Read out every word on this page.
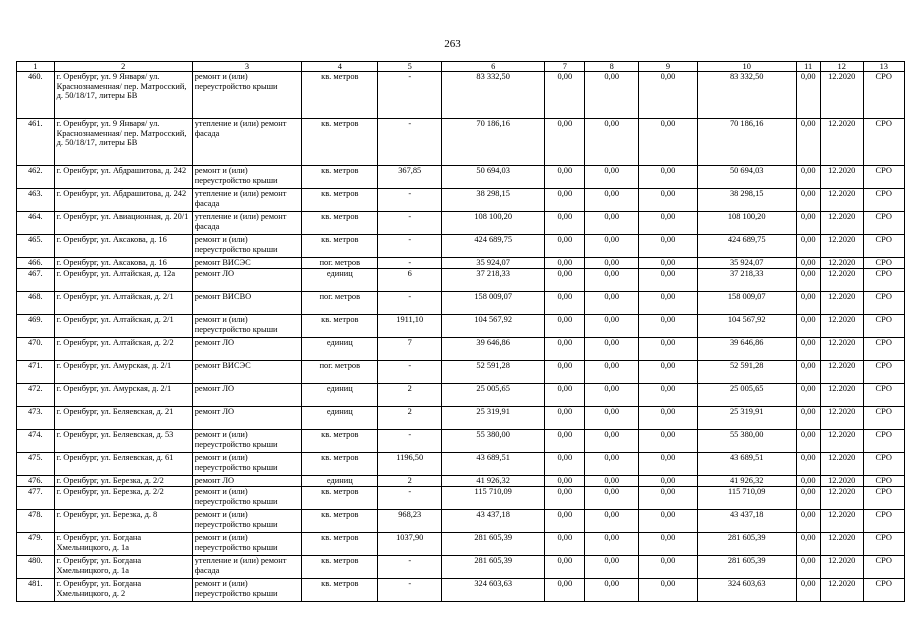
263
1	2	3	4	5	6	7	8	9	10	11	12	13
460.	г. Оренбург, ул. 9 Января/ ул. Краснознаменная/ пер. Матросский, д. 50/18/17, литеры БВ	ремонт и (или) переустройство крыши	кв. метров	-	83 332,50	0,00	0,00	0,00	83 332,50	0,00	12.2020	СРО
461.	г. Оренбург, ул. 9 Января/ ул. Краснознаменная/ пер. Матросский, д. 50/18/17, литеры БВ	утепление и (или) ремонт фасада	кв. метров	-	70 186,16	0,00	0,00	0,00	70 186,16	0,00	12.2020	СРО
462.	г. Оренбург, ул. Абдрашитова, д. 242	ремонт и (или) переустройство крыши	кв. метров	367,85	50 694,03	0,00	0,00	0,00	50 694,03	0,00	12.2020	СРО
463.	г. Оренбург, ул. Абдрашитова, д. 242	утепление и (или) ремонт фасада	кв. метров	-	38 298,15	0,00	0,00	0,00	38 298,15	0,00	12.2020	СРО
464.	г. Оренбург, ул. Авиационная, д. 20/1	утепление и (или) ремонт фасада	кв. метров	-	108 100,20	0,00	0,00	0,00	108 100,20	0,00	12.2020	СРО
465.	г. Оренбург, ул. Аксакова, д. 16	ремонт и (или) переустройство крыши	кв. метров	-	424 689,75	0,00	0,00	0,00	424 689,75	0,00	12.2020	СРО
466.	г. Оренбург, ул. Аксакова, д. 16	ремонт ВИСЭС	пог. метров	-	35 924,07	0,00	0,00	0,00	35 924,07	0,00	12.2020	СРО
467.	г. Оренбург, ул. Алтайская, д. 12а	ремонт ЛО	единиц	6	37 218,33	0,00	0,00	0,00	37 218,33	0,00	12.2020	СРО
468.	г. Оренбург, ул. Алтайская, д. 2/1	ремонт ВИСВО	пог. метров	-	158 009,07	0,00	0,00	0,00	158 009,07	0,00	12.2020	СРО
469.	г. Оренбург, ул. Алтайская, д. 2/1	ремонт и (или) переустройство крыши	кв. метров	1911,10	104 567,92	0,00	0,00	0,00	104 567,92	0,00	12.2020	СРО
470.	г. Оренбург, ул. Алтайская, д. 2/2	ремонт ЛО	единиц	7	39 646,86	0,00	0,00	0,00	39 646,86	0,00	12.2020	СРО
471.	г. Оренбург, ул. Амурская, д. 2/1	ремонт ВИСЭС	пог. метров	-	52 591,28	0,00	0,00	0,00	52 591,28	0,00	12.2020	СРО
472.	г. Оренбург, ул. Амурская, д. 2/1	ремонт ЛО	единиц	2	25 005,65	0,00	0,00	0,00	25 005,65	0,00	12.2020	СРО
473.	г. Оренбург, ул. Беляевская, д. 21	ремонт ЛО	единиц	2	25 319,91	0,00	0,00	0,00	25 319,91	0,00	12.2020	СРО
474.	г. Оренбург, ул. Беляевская, д. 53	ремонт и (или) переустройство крыши	кв. метров	-	55 380,00	0,00	0,00	0,00	55 380,00	0,00	12.2020	СРО
475.	г. Оренбург, ул. Беляевская, д. 61	ремонт и (или) переустройство крыши	кв. метров	1196,50	43 689,51	0,00	0,00	0,00	43 689,51	0,00	12.2020	СРО
476.	г. Оренбург, ул. Березка, д. 2/2	ремонт ЛО	единиц	2	41 926,32	0,00	0,00	0,00	41 926,32	0,00	12.2020	СРО
477.	г. Оренбург, ул. Березка, д. 2/2	ремонт и (или) переустройство крыши	кв. метров	-	115 710,09	0,00	0,00	0,00	115 710,09	0,00	12.2020	СРО
478.	г. Оренбург, ул. Березка, д. 8	ремонт и (или) переустройство крыши	кв. метров	968,23	43 437,18	0,00	0,00	0,00	43 437,18	0,00	12.2020	СРО
479.	г. Оренбург, ул. Богдана Хмельницкого, д. 1а	ремонт и (или) переустройство крыши	кв. метров	1037,90	281 605,39	0,00	0,00	0,00	281 605,39	0,00	12.2020	СРО
480.	г. Оренбург, ул. Богдана Хмельницкого, д. 1а	утепление и (или) ремонт фасада	кв. метров	-	281 605,39	0,00	0,00	0,00	281 605,39	0,00	12.2020	СРО
481.	г. Оренбург, ул. Богдана Хмельницкого, д. 2	ремонт и (или) переустройство крыши	кв. метров	-	324 603,63	0,00	0,00	0,00	324 603,63	0,00	12.2020	СРО
